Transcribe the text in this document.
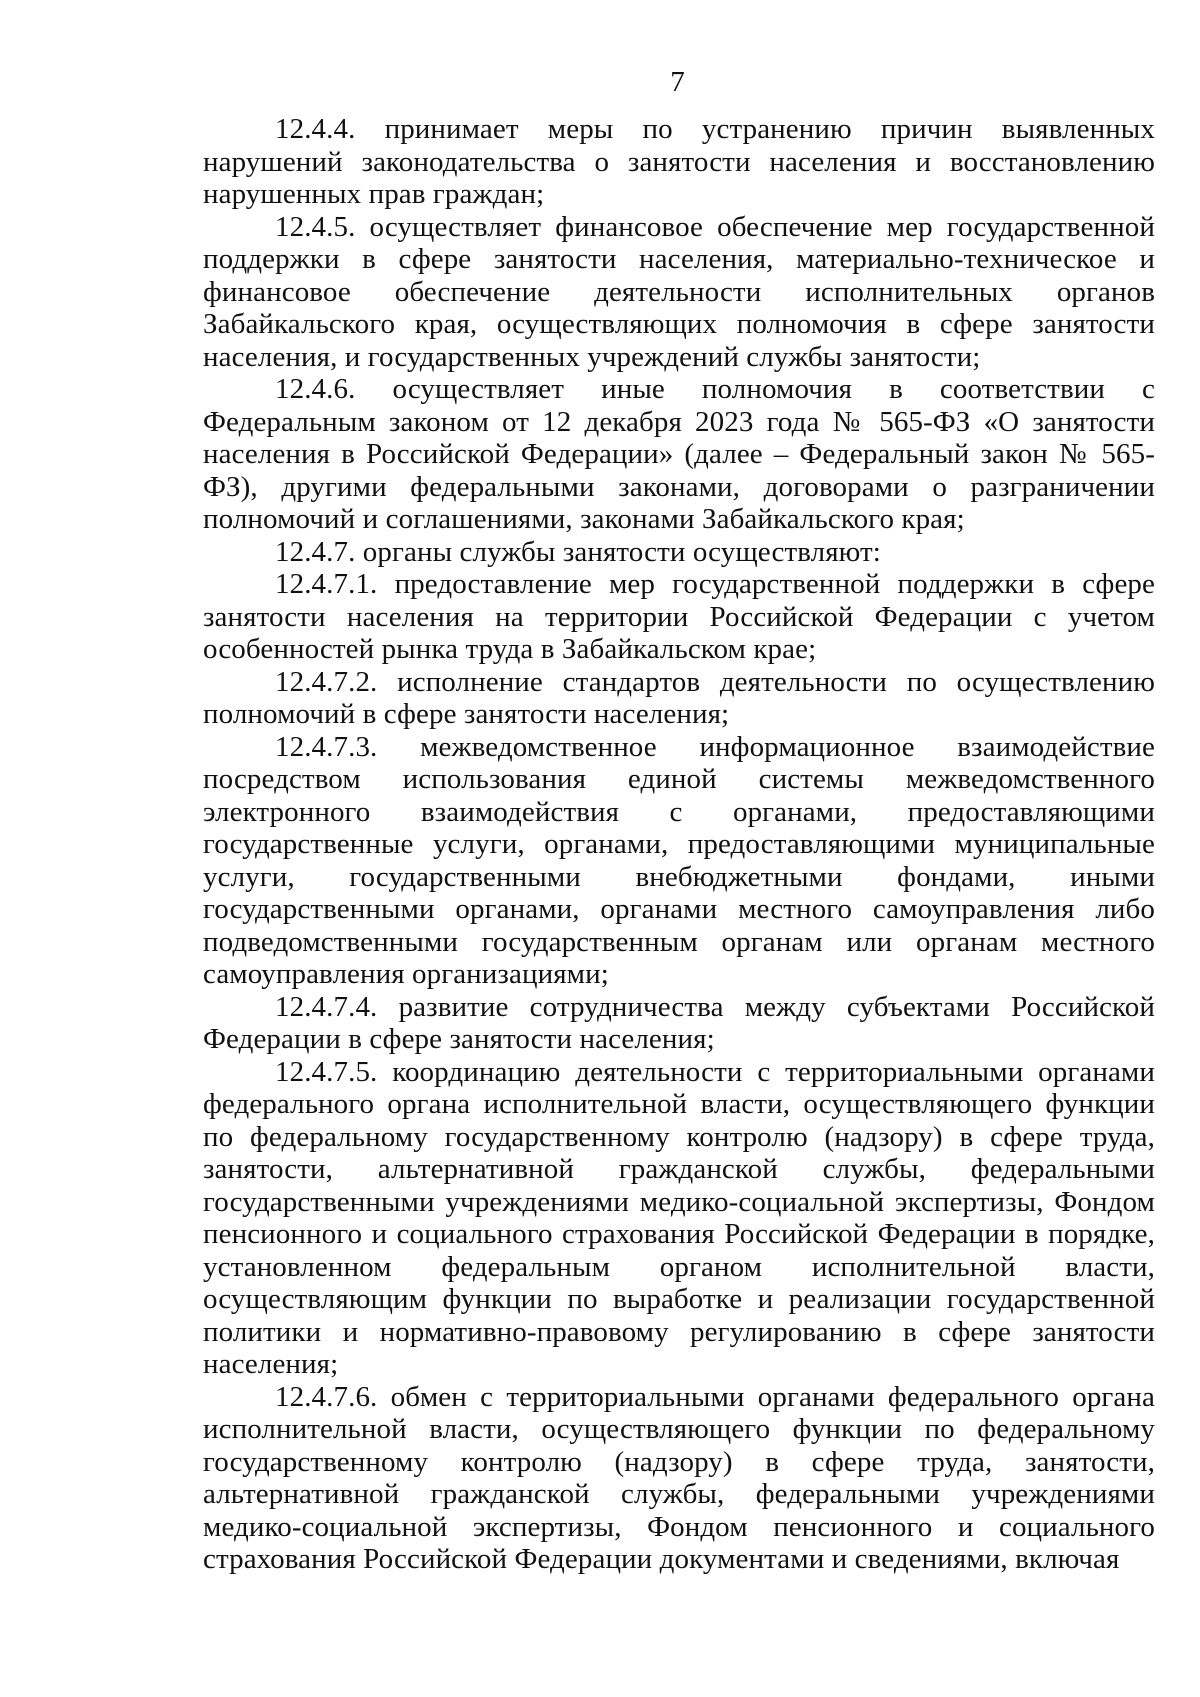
7

12.4.4. принимает меры по устранению причин выявленных нарушений законодательства о занятости населения и восстановлению нарушенных прав граждан;

12.4.5. осуществляет финансовое обеспечение мер государственной поддержки в сфере занятости населения, материально-техническое и финансовое обеспечение деятельности исполнительных органов Забайкальского края, осуществляющих полномочия в сфере занятости населения, и государственных учреждений службы занятости;

12.4.6. осуществляет иные полномочия в соответствии с Федеральным законом от 12 декабря 2023 года № 565-ФЗ «О занятости населения в Российской Федерации» (далее – Федеральный закон № 565-ФЗ), другими федеральными законами, договорами о разграничении полномочий и соглашениями, законами Забайкальского края;

12.4.7. органы службы занятости осуществляют:

12.4.7.1. предоставление мер государственной поддержки в сфере занятости населения на территории Российской Федерации с учетом особенностей рынка труда в Забайкальском крае;

12.4.7.2. исполнение стандартов деятельности по осуществлению полномочий в сфере занятости населения;

12.4.7.3. межведомственное информационное взаимодействие посредством использования единой системы межведомственного электронного взаимодействия с органами, предоставляющими государственные услуги, органами, предоставляющими муниципальные услуги, государственными внебюджетными фондами, иными государственными органами, органами местного самоуправления либо подведомственными государственным органам или органам местного самоуправления организациями;

12.4.7.4. развитие сотрудничества между субъектами Российской Федерации в сфере занятости населения;

12.4.7.5. координацию деятельности с территориальными органами федерального органа исполнительной власти, осуществляющего функции по федеральному государственному контролю (надзору) в сфере труда, занятости, альтернативной гражданской службы, федеральными государственными учреждениями медико-социальной экспертизы, Фондом пенсионного и социального страхования Российской Федерации в порядке, установленном федеральным органом исполнительной власти, осуществляющим функции по выработке и реализации государственной политики и нормативно-правовому регулированию в сфере занятости населения;

12.4.7.6. обмен с территориальными органами федерального органа исполнительной власти, осуществляющего функции по федеральному государственному контролю (надзору) в сфере труда, занятости, альтернативной гражданской службы, федеральными учреждениями медико-социальной экспертизы, Фондом пенсионного и социального страхования Российской Федерации документами и сведениями, включая
